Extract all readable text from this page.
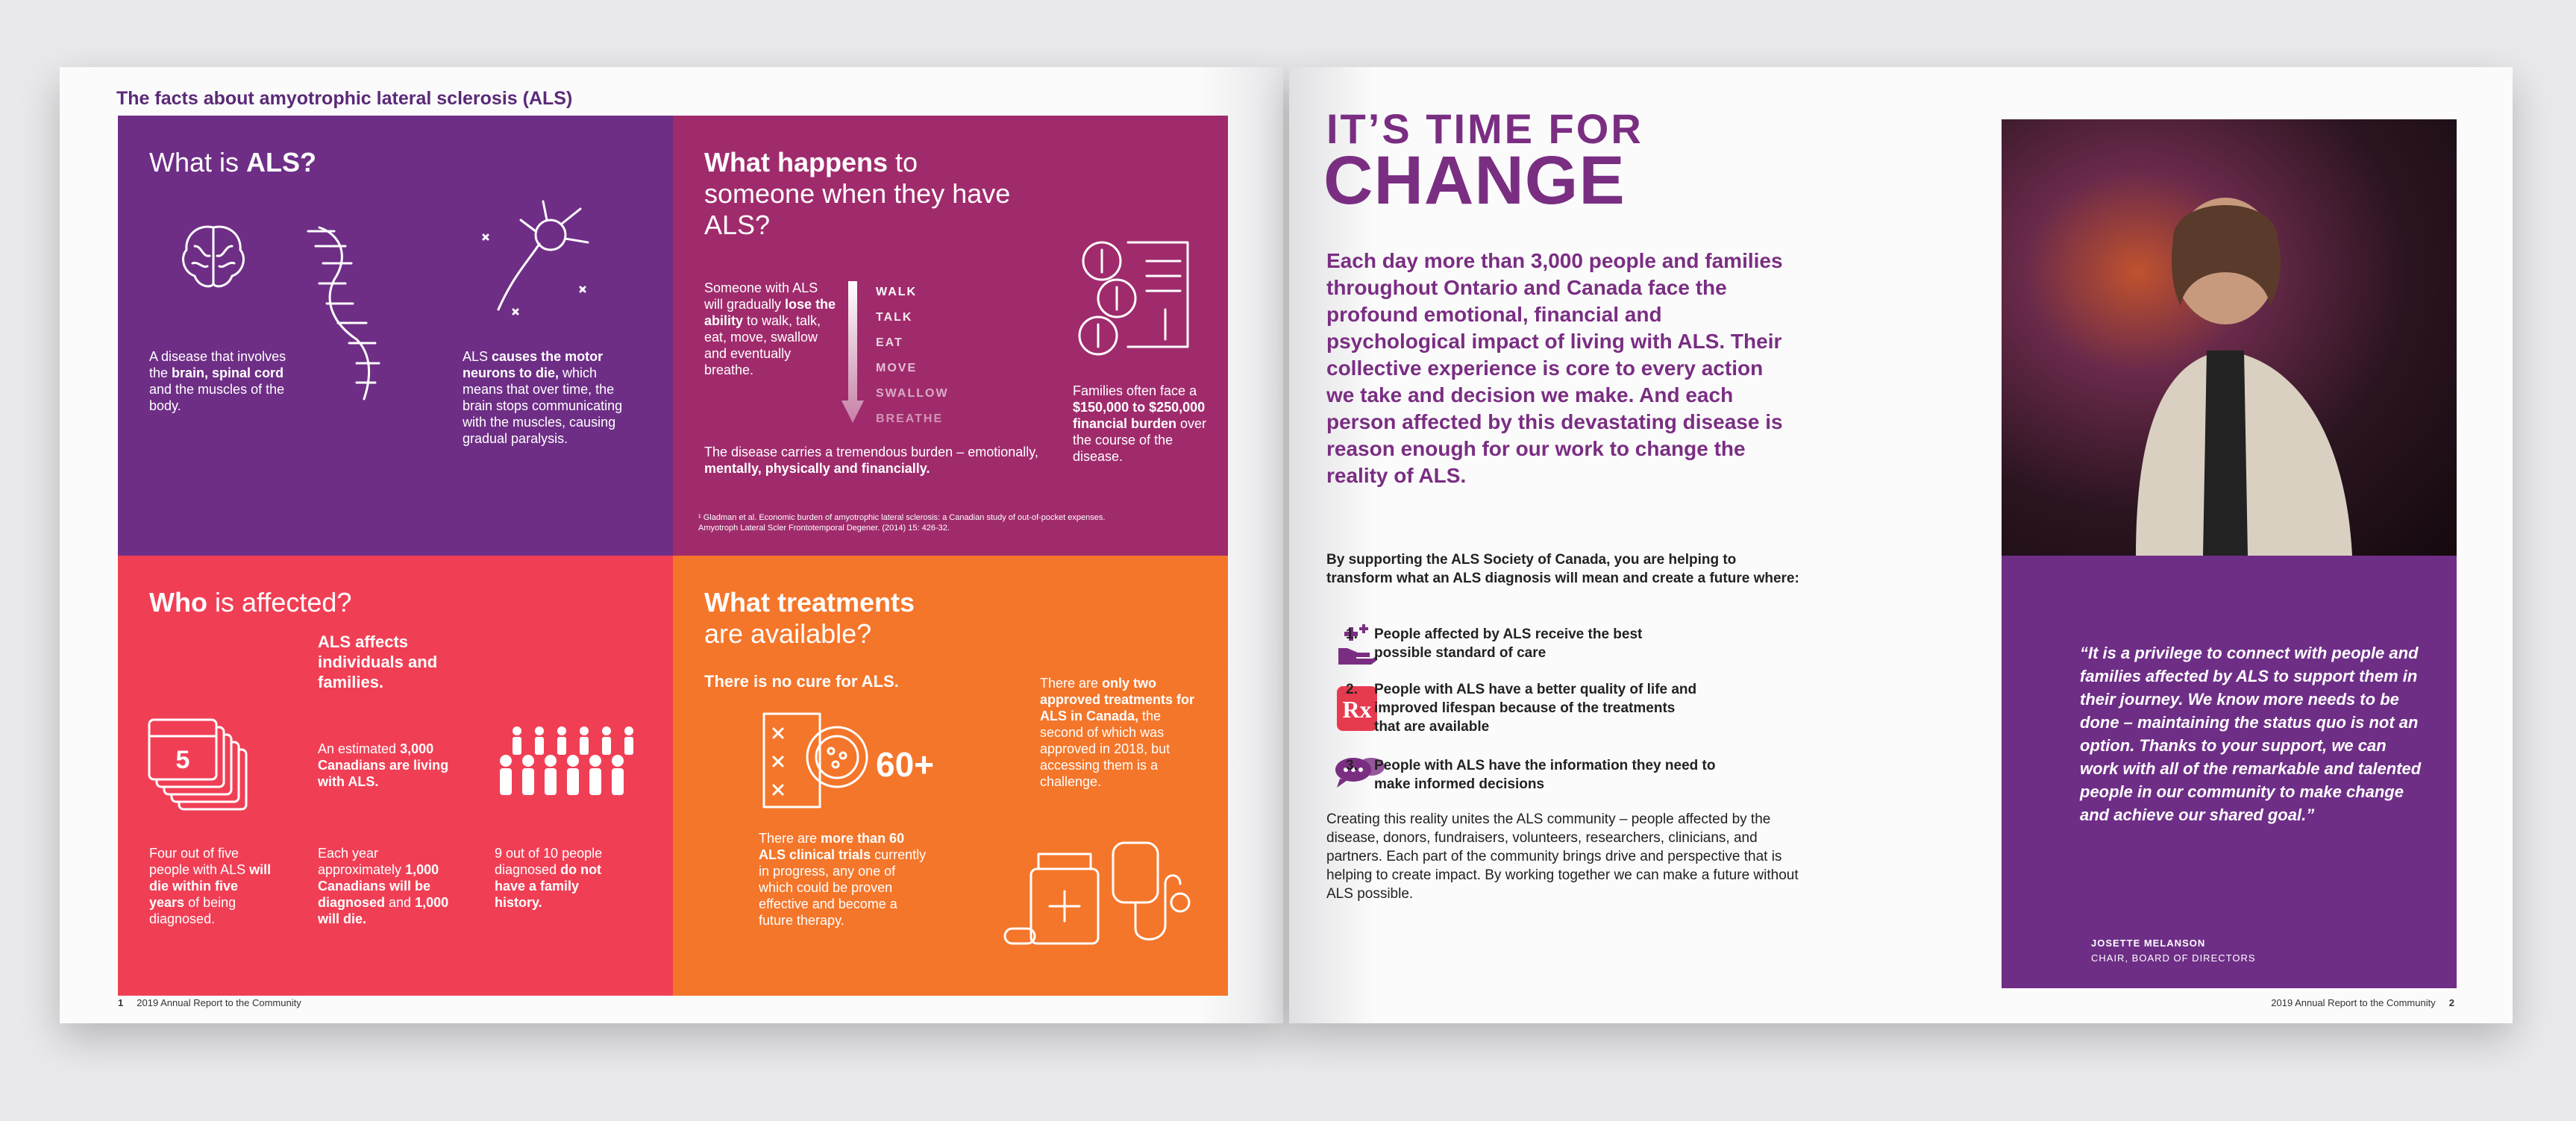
The facts about amyotrophic lateral sclerosis (ALS)
What is ALS?
A disease that involves the brain, spinal cord and the muscles of the body.
ALS causes the motor neurons to die, which means that over time, the brain stops communicating with the muscles, causing gradual paralysis.
What happens to someone when they have ALS?
Someone with ALS will gradually lose the ability to walk, talk, eat, move, swallow and eventually breathe.
WALK
TALK
EAT
MOVE
SWALLOW
BREATHE
The disease carries a tremendous burden – emotionally, mentally, physically and financially.
Families often face a $150,000 to $250,000 financial burden over the course of the disease.
¹ Gladman et al. Economic burden of amyotrophic lateral sclerosis: a Canadian study of out-of-pocket expenses. Amyotroph Lateral Scler Frontotemporal Degener. (2014) 15: 426-32.
Who is affected?
ALS affects individuals and families.
5	An estimated 3,000 Canadians are living with ALS.
Four out of five people with ALS will die within five years of being diagnosed.
Each year approximately 1,000 Canadians will be diagnosed and 1,000 will die.
9 out of 10 people diagnosed do not have a family history.
What treatments
are available?
There is no cure for ALS.
60+
There are more than 60 ALS clinical trials currently in progress, any one of which could be proven effective and become a future therapy.
There are only two approved treatments for ALS in Canada, the second of which was approved in 2018, but accessing them is a challenge.
1 2019 Annual Report to the Community
IT’S TIME FOR
CHANGE
Each day more than 3,000 people and families throughout Ontario and Canada face the profound emotional, financial and psychological impact of living with ALS. Their collective experience is core to every action we take and decision we make. And each person affected by this devastating disease is reason enough for our work to change the reality of ALS.
By supporting the ALS Society of Canada, you are helping to transform what an ALS diagnosis will mean and create a future where:
Rx
1.	People affected by ALS receive the best possible standard of care
2.	People with ALS have a better quality of life and improved lifespan because of the treatments that are available
3.	People with ALS have the information they need to make informed decisions
Creating this reality unites the ALS community – people affected by the disease, donors, fundraisers, volunteers, researchers, clinicians, and partners. Each part of the community brings drive and perspective that is helping to create impact. By working together we can make a future without ALS possible.
“It is a privilege to connect with people and families affected by ALS to support them in their journey. We know more needs to be done – maintaining the status quo is not an option. Thanks to your support, we can work with all of the remarkable and talented people in our community to make change and achieve our shared goal.”
JOSETTE MELANSON
CHAIR, BOARD OF DIRECTORS
2019 Annual Report to the Community 2
